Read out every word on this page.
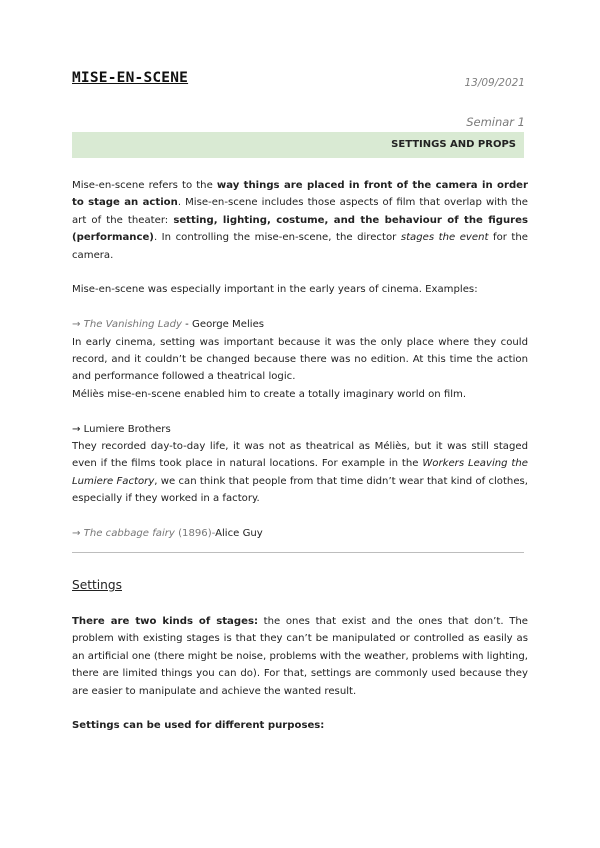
MISE-EN-SCENE	13/09/2021
Seminar 1
SETTINGS AND PROPS

Mise-en-scene refers to the way things are placed in front of the camera in order to stage an action. Mise-en-scene includes those aspects of film that overlap with the art of the theater: setting, lighting, costume, and the behaviour of the figures (performance). In controlling the mise-en-scene, the director stages the event for the camera.

Mise-en-scene was especially important in the early years of cinema. Examples:

→ The Vanishing Lady - George Melies

In early cinema, setting was important because it was the only place where they could record, and it couldn’t be changed because there was no edition. At this time the action and performance followed a theatrical logic.

Méliès mise-en-scene enabled him to create a totally imaginary world on film.

→ Lumiere Brothers

They recorded day-to-day life, it was not as theatrical as Méliès, but it was still staged even if the films took place in natural locations. For example in the Workers Leaving the Lumiere Factory, we can think that people from that time didn’t wear that kind of clothes, especially if they worked in a factory.

→ The cabbage fairy (1896)-Alice Guy

Settings

There are two kinds of stages: the ones that exist and the ones that don’t. The problem with existing stages is that they can’t be manipulated or controlled as easily as an artificial one (there might be noise, problems with the weather, problems with lighting, there are limited things you can do). For that, settings are commonly used because they are easier to manipulate and achieve the wanted result.

Settings can be used for different purposes:
